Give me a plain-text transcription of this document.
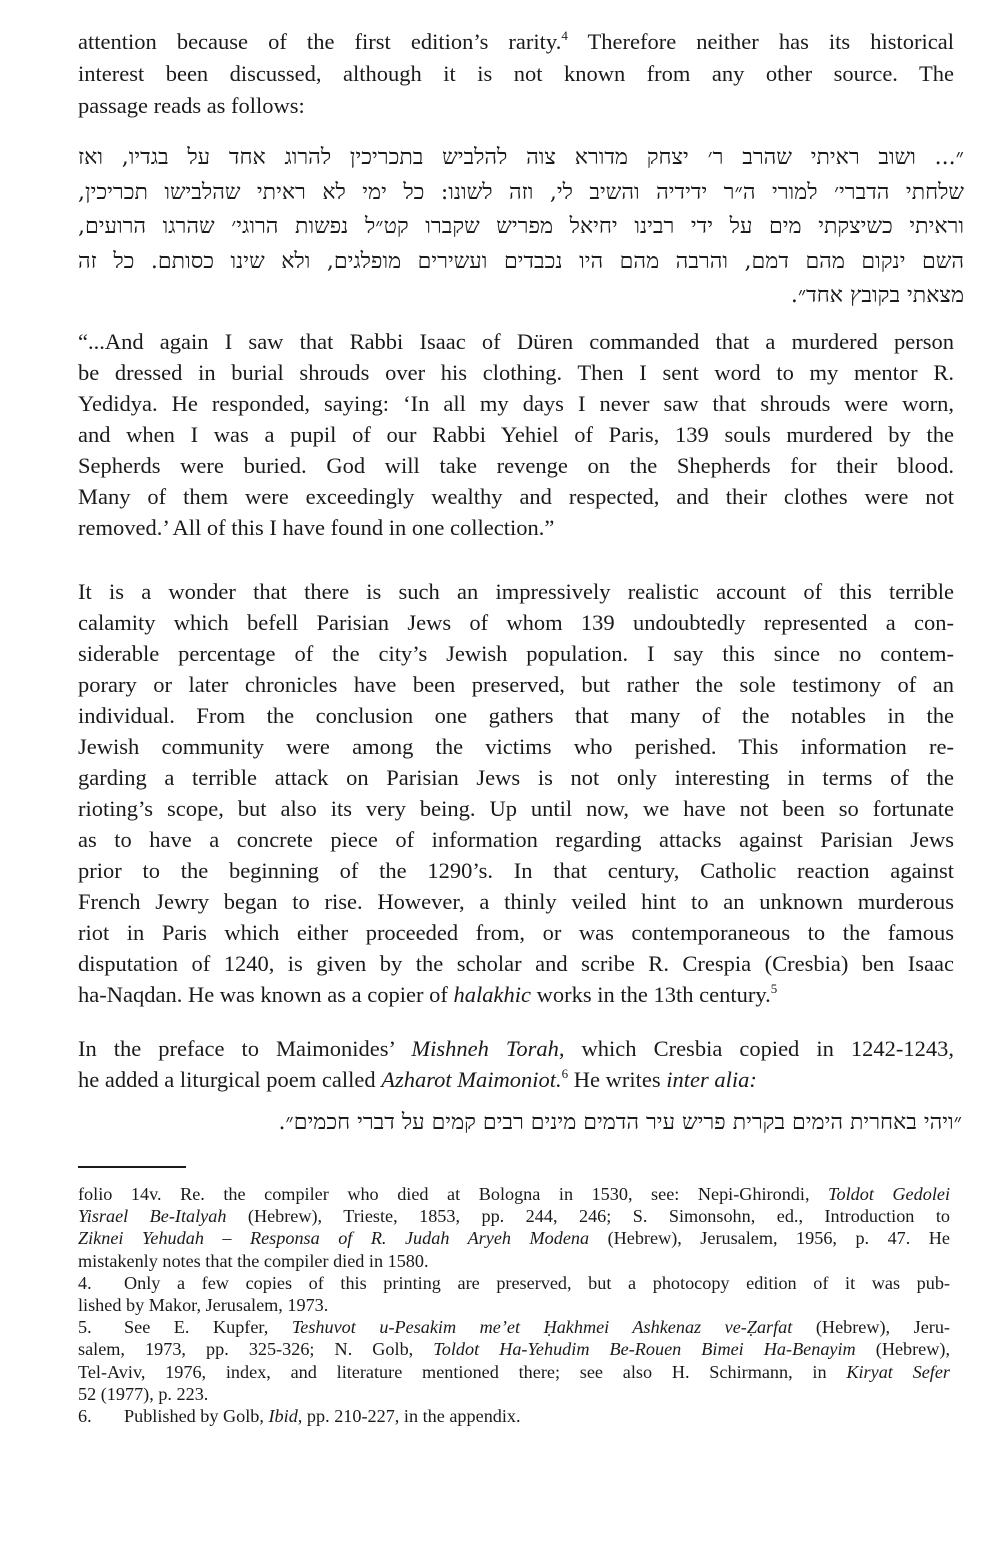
attention because of the first edition’s rarity.$^4$ Therefore neither has its historical
interest been discussed, although it is not known from any other source. The
passage reads as follows:
״... ושוב ראיתי שהרב ר׳ יצחק מדורא צוה להלביש בתכריכין להרוג אחד על בגדיו, ואז
שלחתי הדברי׳ למורי ה״ר ידידיה והשיב לי, וזה לשונו: כל ימי לא ראיתי שהלבישו תכריכין,
וראיתי כשיצקתי מים על ידי רבינו יחיאל מפריש שקברו קט״ל נפשות הרוגי׳ שהרגו הרועים,
השם ינקום מהם דמם, והרבה מהם היו נכבדים ועשירים מופלגים, ולא שינו כסותם. כל זה
מצאתי בקובץ אחד״.
“...And again I saw that Rabbi Isaac of Düren commanded that a murdered person
be dressed in burial shrouds over his clothing. Then I sent word to my mentor R.
Yedidya. He responded, saying: ‘In all my days I never saw that shrouds were worn,
and when I was a pupil of our Rabbi Yehiel of Paris, 139 souls murdered by the
Sepherds were buried. God will take revenge on the Shepherds for their blood.
Many of them were exceedingly wealthy and respected, and their clothes were not
removed.’ All of this I have found in one collection.”
It is a wonder that there is such an impressively realistic account of this terrible
calamity which befell Parisian Jews of whom 139 undoubtedly represented a con-
siderable percentage of the city’s Jewish population. I say this since no contem-
porary or later chronicles have been preserved, but rather the sole testimony of an
individual. From the conclusion one gathers that many of the notables in the
Jewish community were among the victims who perished. This information re-
garding a terrible attack on Parisian Jews is not only interesting in terms of the
rioting’s scope, but also its very being. Up until now, we have not been so fortunate
as to have a concrete piece of information regarding attacks against Parisian Jews
prior to the beginning of the 1290’s. In that century, Catholic reaction against
French Jewry began to rise. However, a thinly veiled hint to an unknown murderous
riot in Paris which either proceeded from, or was contemporaneous to the famous
disputation of 1240, is given by the scholar and scribe R. Crespia (Cresbia) ben Isaac
ha-Naqdan. He was known as a copier of halakhic works in the 13th century.$^5$
In the preface to Maimonides’ Mishneh Torah, which Cresbia copied in 1242-1243,
he added a liturgical poem called Azharot Maimoniot.$^6$ He writes inter alia:
״ויהי באחרית הימים בקרית פריש עיר הדמים מינים רבים קמים על דברי חכמים״.
folio 14v. Re. the compiler who died at Bologna in 1530, see: Nepi-Ghirondi, Toldot Gedolei
Yisrael Be-Italyah (Hebrew), Trieste, 1853, pp. 244, 246; S. Simonsohn, ed., Introduction to
Ziknei Yehudah – Responsa of R. Judah Aryeh Modena (Hebrew), Jerusalem, 1956, p. 47. He
mistakenly notes that the compiler died in 1580.
4. Only a few copies of this printing are preserved, but a photocopy edition of it was pub-
lished by Makor, Jerusalem, 1973.
5. See E. Kupfer, Teshuvot u-Pesakim me’et Ḥakhmei Ashkenaz ve-Ẓarfat (Hebrew), Jeru-
salem, 1973, pp. 325-326; N. Golb, Toldot Ha-Yehudim Be-Rouen Bimei Ha-Benayim (Hebrew),
Tel-Aviv, 1976, index, and literature mentioned there; see also H. Schirmann, in Kiryat Sefer
52 (1977), p. 223.
6. Published by Golb, Ibid, pp. 210-227, in the appendix.
